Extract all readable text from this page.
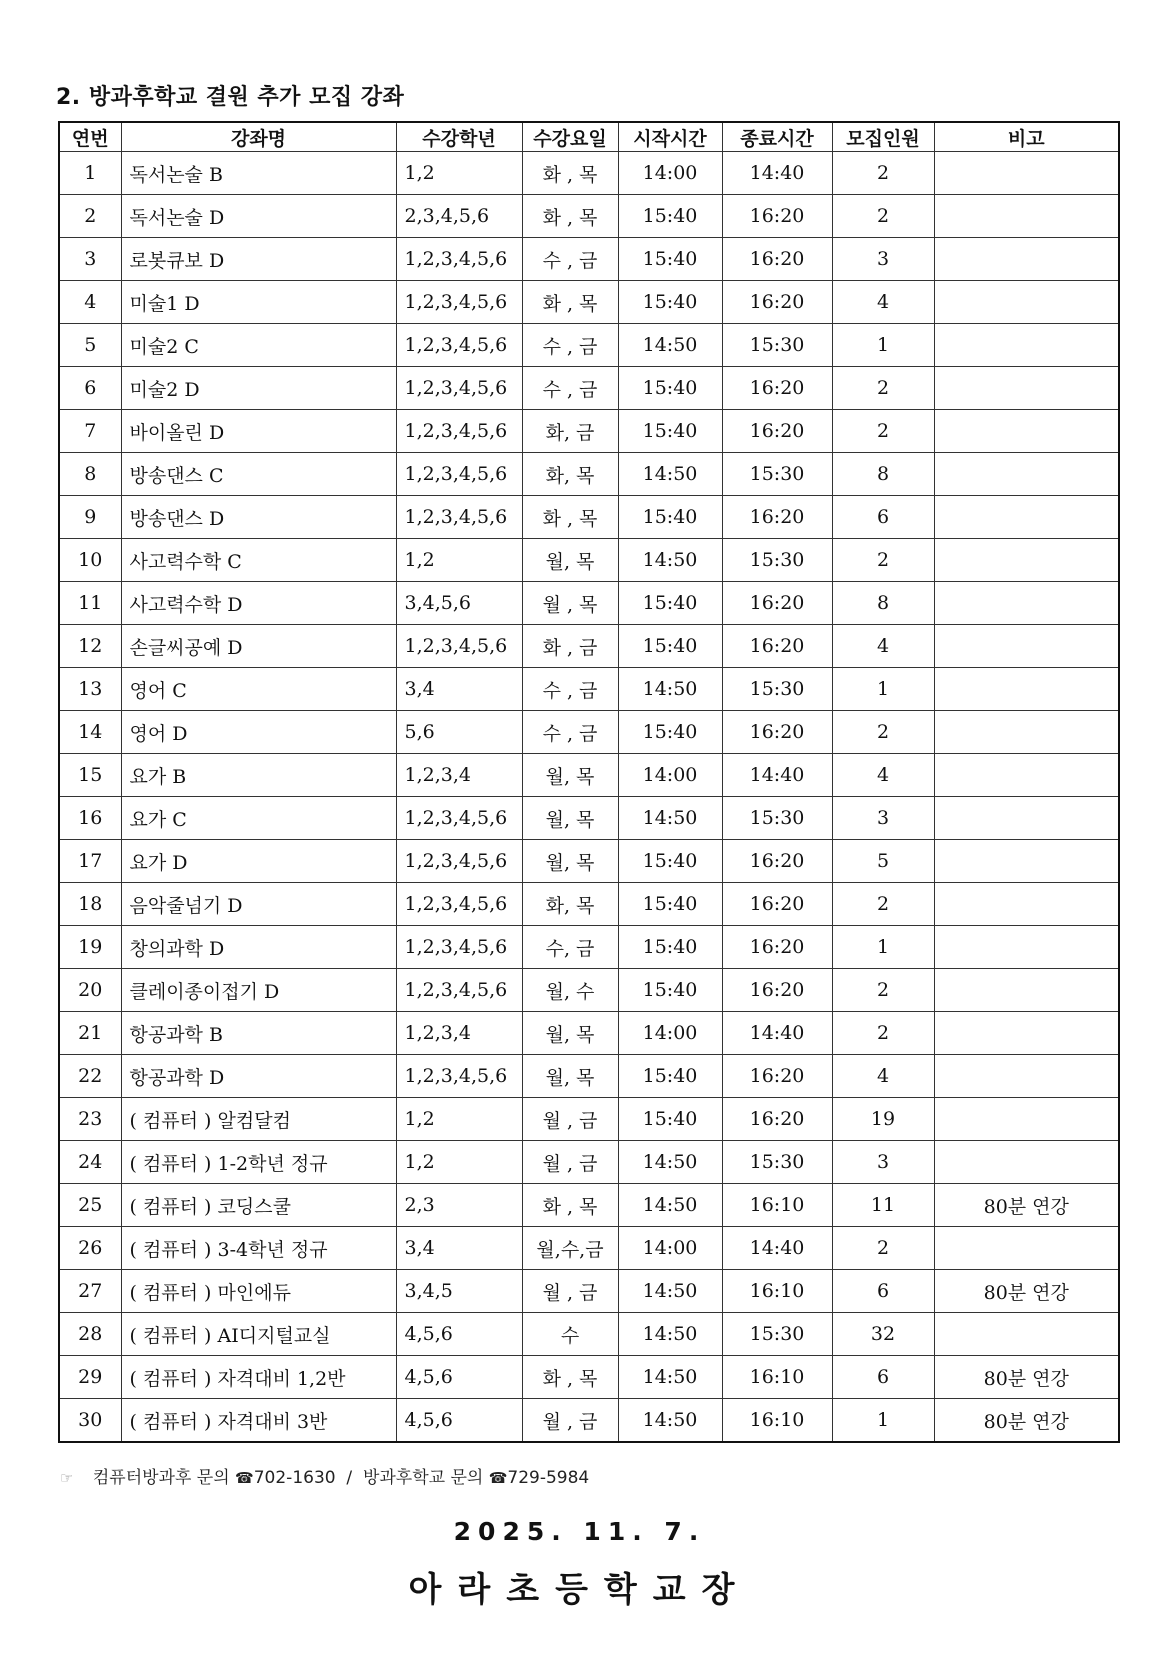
2. 방과후학교 결원 추가 모집 강좌
연번	강좌명	수강학년	수강요일	시작시간	종료시간	모집인원	비고
1	독서논술 B	1,2	화 , 목	14:00	14:40	2	
2	독서논술 D	2,3,4,5,6	화 , 목	15:40	16:20	2	
3	로봇큐보 D	1,2,3,4,5,6	수 , 금	15:40	16:20	3	
4	미술1 D	1,2,3,4,5,6	화 , 목	15:40	16:20	4	
5	미술2 C	1,2,3,4,5,6	수 , 금	14:50	15:30	1	
6	미술2 D	1,2,3,4,5,6	수 , 금	15:40	16:20	2	
7	바이올린 D	1,2,3,4,5,6	화, 금	15:40	16:20	2	
8	방송댄스 C	1,2,3,4,5,6	화, 목	14:50	15:30	8	
9	방송댄스 D	1,2,3,4,5,6	화 , 목	15:40	16:20	6	
10	사고력수학 C	1,2	월, 목	14:50	15:30	2	
11	사고력수학 D	3,4,5,6	월 , 목	15:40	16:20	8	
12	손글씨공예 D	1,2,3,4,5,6	화 , 금	15:40	16:20	4	
13	영어 C	3,4	수 , 금	14:50	15:30	1	
14	영어 D	5,6	수 , 금	15:40	16:20	2	
15	요가 B	1,2,3,4	월, 목	14:00	14:40	4	
16	요가 C	1,2,3,4,5,6	월, 목	14:50	15:30	3	
17	요가 D	1,2,3,4,5,6	월, 목	15:40	16:20	5	
18	음악줄넘기 D	1,2,3,4,5,6	화, 목	15:40	16:20	2	
19	창의과학 D	1,2,3,4,5,6	수, 금	15:40	16:20	1	
20	클레이종이접기 D	1,2,3,4,5,6	월, 수	15:40	16:20	2	
21	항공과학 B	1,2,3,4	월, 목	14:00	14:40	2	
22	항공과학 D	1,2,3,4,5,6	월, 목	15:40	16:20	4	
23	( 컴퓨터 ) 알컴달컴	1,2	월 , 금	15:40	16:20	19	
24	( 컴퓨터 ) 1-2학년 정규	1,2	월 , 금	14:50	15:30	3	
25	( 컴퓨터 ) 코딩스쿨	2,3	화 , 목	14:50	16:10	11	80분 연강
26	( 컴퓨터 ) 3-4학년 정규	3,4	월,수,금	14:00	14:40	2	
27	( 컴퓨터 ) 마인에듀	3,4,5	월 , 금	14:50	16:10	6	80분 연강
28	( 컴퓨터 ) AI디지털교실	4,5,6	수	14:50	15:30	32	
29	( 컴퓨터 ) 자격대비 1,2반	4,5,6	화 , 목	14:50	16:10	6	80분 연강
30	( 컴퓨터 ) 자격대비 3반	4,5,6	월 , 금	14:50	16:10	1	80분 연강
☞ 컴퓨터방과후 문의 ☎702-1630 / 방과후학교 문의 ☎729-5984
2025. 11. 7.
아라초등학교장
